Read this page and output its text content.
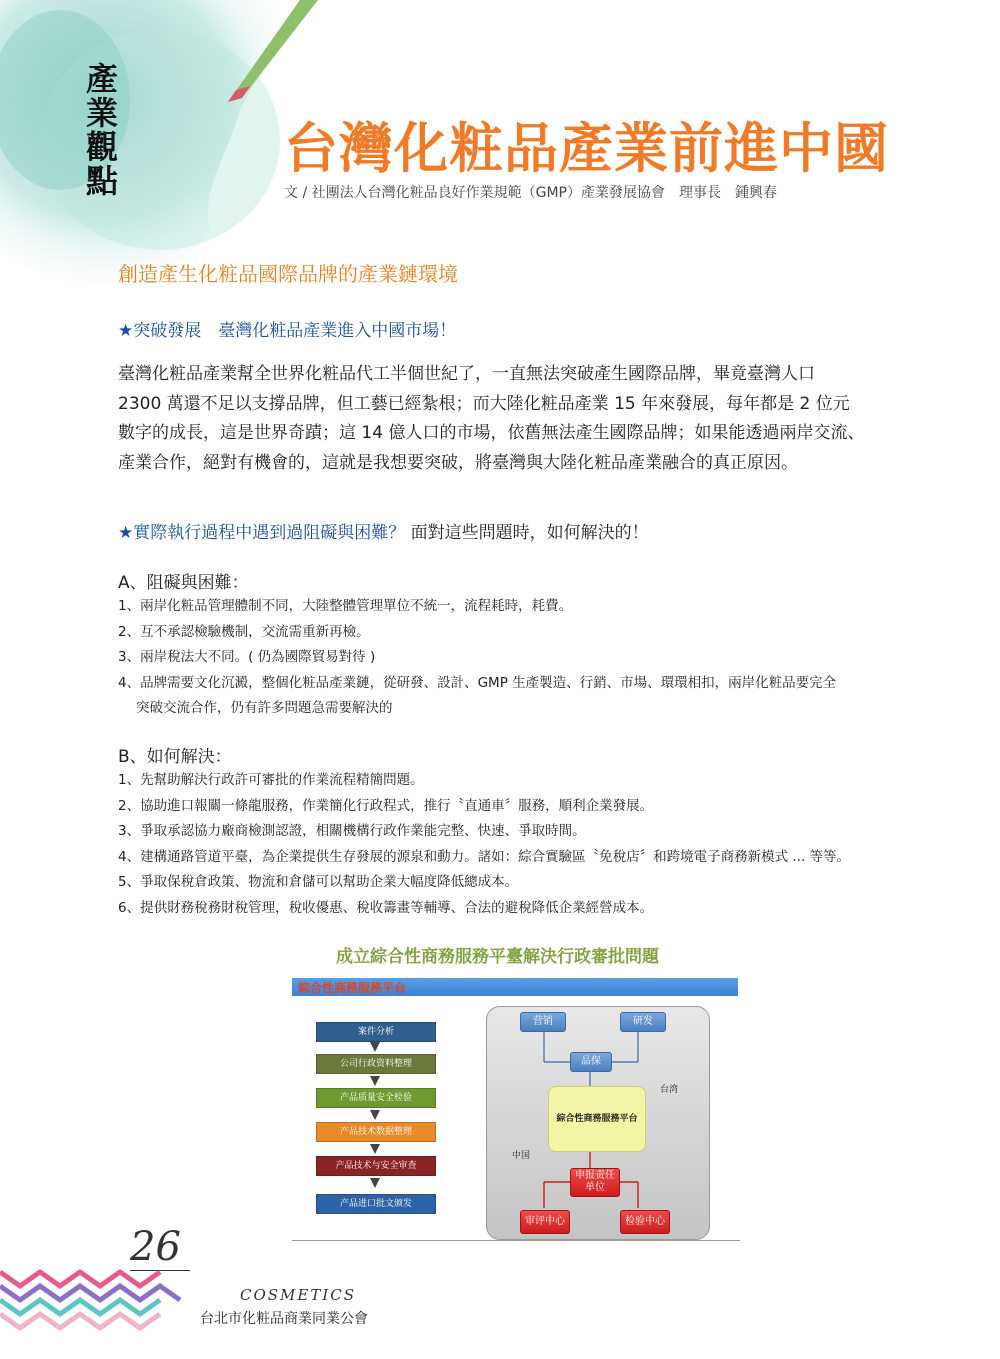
產
業
觀
點
台灣化粧品產業前進中國
文 / 社團法人台灣化粧品良好作業規範（GMP）產業發展協會　理事長　鍾興春
創造產生化粧品國際品牌的產業鏈環境
★突破發展　臺灣化粧品產業進入中國市場！

臺灣化粧品產業幫全世界化粧品代工半個世紀了，一直無法突破產生國際品牌，畢竟臺灣人口

2300 萬還不足以支撐品牌，但工藝已經紮根；而大陸化粧品產業 15 年來發展，每年都是 2 位元

數字的成長，這是世界奇蹟；這 14 億人口的市場，依舊無法產生國際品牌；如果能透過兩岸交流、

產業合作，絕對有機會的，這就是我想要突破，將臺灣與大陸化粧品產業融合的真正原因。

★實際執行過程中遇到過阻礙與困難？ 面對這些問題時，如何解決的！
A、阻礙與困難：
1、兩岸化粧品管理體制不同，大陸整體管理單位不統一，流程耗時，耗費。
2、互不承認檢驗機制，交流需重新再檢。
3、兩岸稅法大不同。( 仍為國際貿易對待 )
4、品牌需要文化沉澱，整個化粧品產業鏈，從研發、設計、GMP 生產製造、行銷、市場、環環相扣，兩岸化粧品要完全
突破交流合作，仍有許多問題急需要解決的
B、如何解決：
1、先幫助解決行政許可審批的作業流程精簡問題。
2、協助進口報關一條龍服務，作業簡化行政程式，推行〝直通車〞服務，順利企業發展。
3、爭取承認協力廠商檢測認證，相關機構行政作業能完整、快速、爭取時間。
4、建構通路管道平臺，為企業提供生存發展的源泉和動力。諸如：綜合實驗區〝免稅店〞和跨境電子商務新模式 ... 等等。
5、爭取保稅倉政策、物流和倉儲可以幫助企業大幅度降低總成本。
6、提供財務稅務財稅管理，稅收優惠、稅收籌畫等輔導、合法的避稅降低企業經營成本。
成立綜合性商務服務平臺解決行政審批問題
綜合性商務服務平台
案件分析
公司行政资料整理
产品质量安全检验
产品技术数据整理
产品技术与安全审查
产品进口批文颁发
营销	研发
品保
綜合性商務服務平台
台湾
中国
申报责任
单位
审评中心	检验中心
26
COSMETICS
台北市化粧品商業同業公會
